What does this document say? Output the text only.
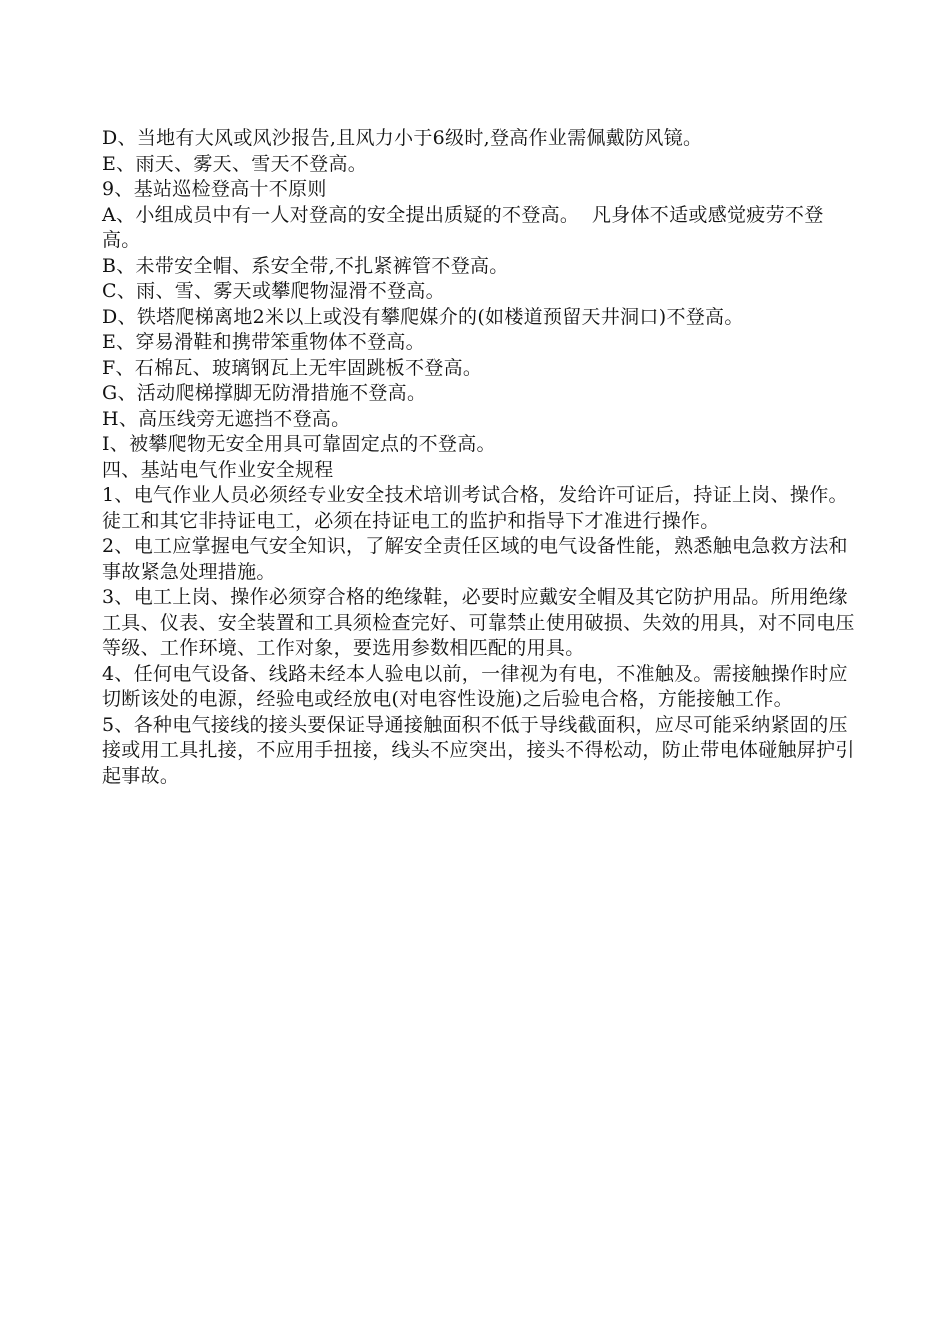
D、当地有大风或风沙报告,且风力小于6级时,登高作业需佩戴防风镜。

E、雨天、雾天、雪天不登高。

9、基站巡检登高十不原则

A、小组成员中有一人对登高的安全提出质疑的不登高。  凡身体不适或感觉疲劳不登高。

B、未带安全帽、系安全带,不扎紧裤管不登高。

C、雨、雪、雾天或攀爬物湿滑不登高。

D、铁塔爬梯离地2米以上或没有攀爬媒介的(如楼道预留天井洞口)不登高。

E、穿易滑鞋和携带笨重物体不登高。

F、石棉瓦、玻璃钢瓦上无牢固跳板不登高。

G、活动爬梯撑脚无防滑措施不登高。

H、高压线旁无遮挡不登高。

I、被攀爬物无安全用具可靠固定点的不登高。

四、基站电气作业安全规程

1、电气作业人员必须经专业安全技术培训考试合格，发给许可证后，持证上岗、操作。徒工和其它非持证电工，必须在持证电工的监护和指导下才准进行操作。

2、电工应掌握电气安全知识，了解安全责任区域的电气设备性能，熟悉触电急救方法和事故紧急处理措施。

3、电工上岗、操作必须穿合格的绝缘鞋，必要时应戴安全帽及其它防护用品。所用绝缘工具、仪表、安全装置和工具须检查完好、可靠禁止使用破损、失效的用具，对不同电压等级、工作环境、工作对象，要选用参数相匹配的用具。

4、任何电气设备、线路未经本人验电以前，一律视为有电，不准触及。需接触操作时应切断该处的电源，经验电或经放电(对电容性设施)之后验电合格，方能接触工作。

5、各种电气接线的接头要保证导通接触面积不低于导线截面积，应尽可能采纳紧固的压接或用工具扎接，不应用手扭接，线头不应突出，接头不得松动，防止带电体碰触屏护引起事故。
